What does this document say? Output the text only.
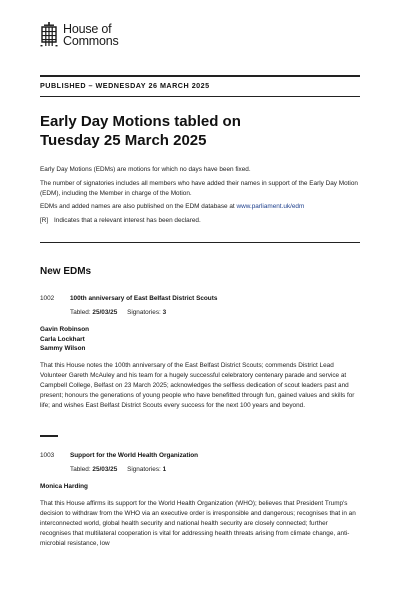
House of
Commons
PUBLISHED – WEDNESDAY 26 MARCH 2025
Early Day Motions tabled on
Tuesday 25 March 2025

Early Day Motions (EDMs) are motions for which no days have been fixed.

The number of signatories includes all members who have added their names in support of the Early Day Motion (EDM), including the Member in charge of the Motion.

EDMs and added names are also published on the EDM database at www.parliament.uk/edm

[R] Indicates that a relevant interest has been declared.

New EDMs
1002	100th anniversary of East Belfast District Scouts
Tabled: 25/03/25 Signatories: 3
Gavin Robinson
Carla Lockhart
Sammy Wilson
That this House notes the 100th anniversary of the East Belfast District Scouts; commends District Lead Volunteer Gareth McAuley and his team for a hugely successful celebratory centenary parade and service at Campbell College, Belfast on 23 March 2025; acknowledges the selfless dedication of scout leaders past and present; honours the generations of young people who have benefitted through fun, gained values and skills for life; and wishes East Belfast District Scouts every success for the next 100 years and beyond.
1003	Support for the World Health Organization
Tabled: 25/03/25 Signatories: 1
Monica Harding
That this House affirms its support for the World Health Organization (WHO); believes that President Trump's decision to withdraw from the WHO via an executive order is irresponsible and dangerous; recognises that in an interconnected world, global health security and national health security are closely connected; further recognises that multilateral cooperation is vital for addressing health threats arising from climate change, anti-microbial resistance, low
